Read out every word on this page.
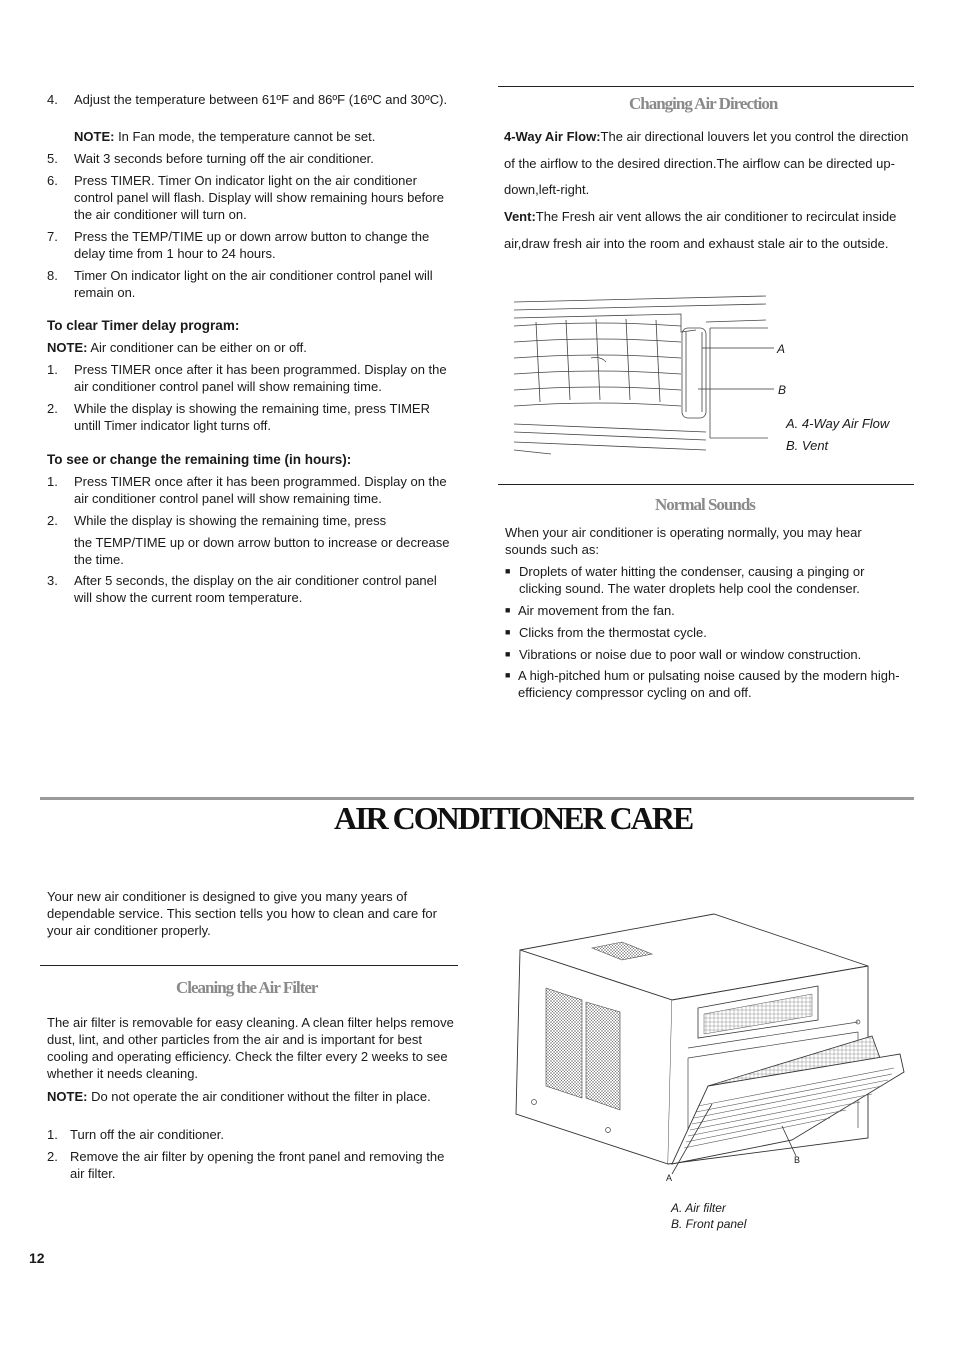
4. Adjust the temperature between 61ºF and 86ºF (16ºC and 30ºC).
NOTE: In Fan mode, the temperature cannot be set.
5. Wait 3 seconds before turning off the air conditioner.
6. Press TIMER. Timer On indicator light on the air conditioner control panel will flash. Display will show remaining hours before the air conditioner will turn on.
7. Press the TEMP/TIME up or down arrow button to change the delay time from 1 hour to 24 hours.
8. Timer On indicator light on the air conditioner control panel will remain on.
To clear Timer delay program:
NOTE: Air conditioner can be either on or off.
1. Press TIMER once after it has been programmed. Display on the air conditioner control panel will show remaining time.
2. While the display is showing the remaining time, press TIMER untill Timer indicator light turns off.
To see or change the remaining time (in hours):
1. Press TIMER once after it has been programmed. Display on the air conditioner control panel will show remaining time.
2. While the display is showing the remaining time, press
the TEMP/TIME up or down arrow button to increase or decrease the time.
3. After 5 seconds, the display on the air conditioner control panel will show the current room temperature.
Changing Air Direction
4-Way Air Flow:The air directional louvers let you control the direction of the airflow to the desired direction.The airflow can be directed up-down,left-right.
Vent:The Fresh air vent allows the air conditioner to recirculat inside air,draw fresh air into the room and exhaust stale air to the outside.
A
B
A. 4-Way Air Flow
B. Vent
Normal Sounds
When your air conditioner is operating normally, you may hear sounds such as:
■ Droplets of water hitting the condenser, causing a pinging or clicking sound. The water droplets help cool the condenser.
■ Air movement from the fan.
■ Clicks from the thermostat cycle.
■ Vibrations or noise due to poor wall or window construction.
■ A high-pitched hum or pulsating noise caused by the modern high-efficiency compressor cycling on and off.
AIR CONDITIONER CARE
Your new air conditioner is designed to give you many years of dependable service. This section tells you how to clean and care for your air conditioner properly.
Cleaning the Air Filter
The air filter is removable for easy cleaning. A clean filter helps remove dust, lint, and other particles from the air and is important for best cooling and operating efficiency. Check the filter every 2 weeks to see whether it needs cleaning.
NOTE: Do not operate the air conditioner without the filter in place.
1. Turn off the air conditioner.
2. Remove the air filter by opening the front panel and removing the air filter.	A
B
A. Air filter
B. Front panel
12
